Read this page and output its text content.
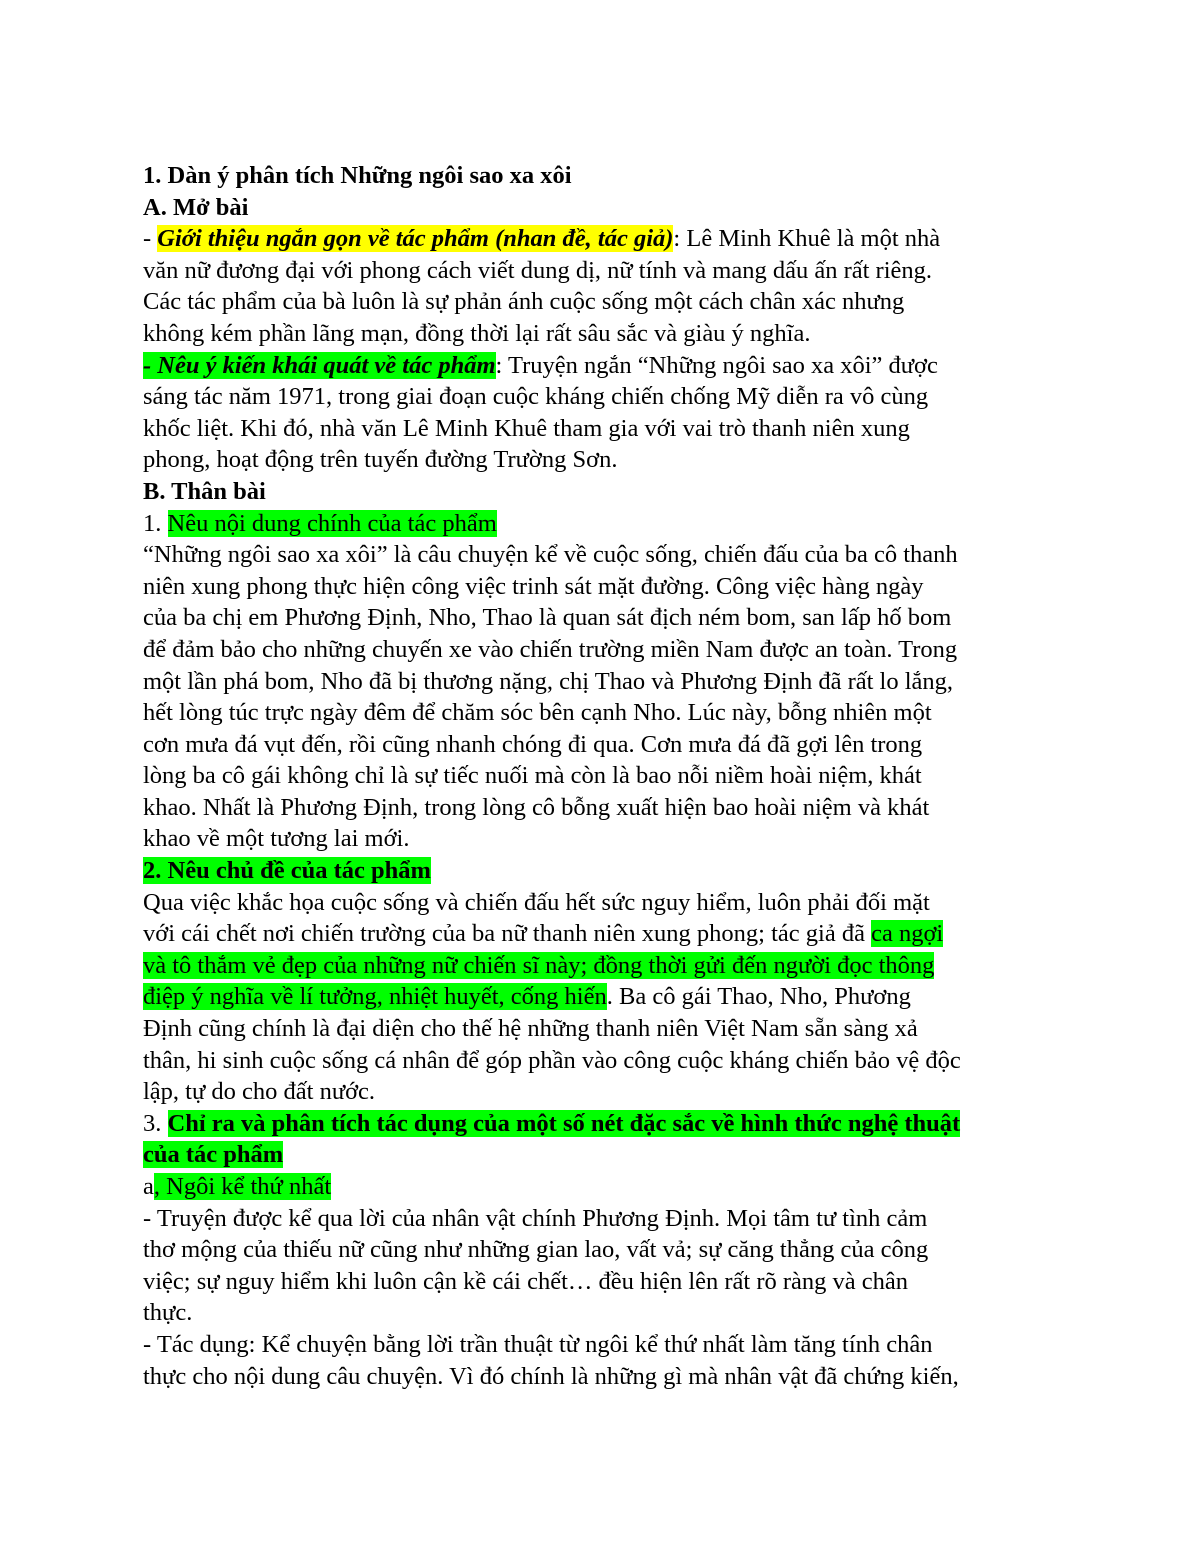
1. Dàn ý phân tích Những ngôi sao xa xôi
A. Mở bài
- Giới thiệu ngắn gọn về tác phẩm (nhan đề, tác giả): Lê Minh Khuê là một nhà
văn nữ đương đại với phong cách viết dung dị, nữ tính và mang dấu ấn rất riêng.
Các tác phẩm của bà luôn là sự phản ánh cuộc sống một cách chân xác nhưng
không kém phần lãng mạn, đồng thời lại rất sâu sắc và giàu ý nghĩa.
- Nêu ý kiến khái quát về tác phẩm: Truyện ngắn “Những ngôi sao xa xôi” được
sáng tác năm 1971, trong giai đoạn cuộc kháng chiến chống Mỹ diễn ra vô cùng
khốc liệt. Khi đó, nhà văn Lê Minh Khuê tham gia với vai trò thanh niên xung
phong, hoạt động trên tuyến đường Trường Sơn.
B. Thân bài
1. Nêu nội dung chính của tác phẩm
“Những ngôi sao xa xôi” là câu chuyện kể về cuộc sống, chiến đấu của ba cô thanh
niên xung phong thực hiện công việc trinh sát mặt đường. Công việc hàng ngày
của ba chị em Phương Định, Nho, Thao là quan sát địch ném bom, san lấp hố bom
để đảm bảo cho những chuyến xe vào chiến trường miền Nam được an toàn. Trong
một lần phá bom, Nho đã bị thương nặng, chị Thao và Phương Định đã rất lo lắng,
hết lòng túc trực ngày đêm để chăm sóc bên cạnh Nho. Lúc này, bỗng nhiên một
cơn mưa đá vụt đến, rồi cũng nhanh chóng đi qua. Cơn mưa đá đã gợi lên trong
lòng ba cô gái không chỉ là sự tiếc nuối mà còn là bao nỗi niềm hoài niệm, khát
khao. Nhất là Phương Định, trong lòng cô bỗng xuất hiện bao hoài niệm và khát
khao về một tương lai mới.
2. Nêu chủ đề của tác phẩm
Qua việc khắc họa cuộc sống và chiến đấu hết sức nguy hiểm, luôn phải đối mặt
với cái chết nơi chiến trường của ba nữ thanh niên xung phong; tác giả đã ca ngợi
và tô thắm vẻ đẹp của những nữ chiến sĩ này; đồng thời gửi đến người đọc thông
điệp ý nghĩa về lí tưởng, nhiệt huyết, cống hiến. Ba cô gái Thao, Nho, Phương
Định cũng chính là đại diện cho thế hệ những thanh niên Việt Nam sẵn sàng xả
thân, hi sinh cuộc sống cá nhân để góp phần vào công cuộc kháng chiến bảo vệ độc
lập, tự do cho đất nước.
3. Chỉ ra và phân tích tác dụng của một số nét đặc sắc về hình thức nghệ thuật
của tác phẩm
a, Ngôi kể thứ nhất
- Truyện được kể qua lời của nhân vật chính Phương Định. Mọi tâm tư tình cảm
thơ mộng của thiếu nữ cũng như những gian lao, vất vả; sự căng thẳng của công
việc; sự nguy hiểm khi luôn cận kề cái chết… đều hiện lên rất rõ ràng và chân
thực.
- Tác dụng: Kể chuyện bằng lời trần thuật từ ngôi kể thứ nhất làm tăng tính chân
thực cho nội dung câu chuyện. Vì đó chính là những gì mà nhân vật đã chứng kiến,
